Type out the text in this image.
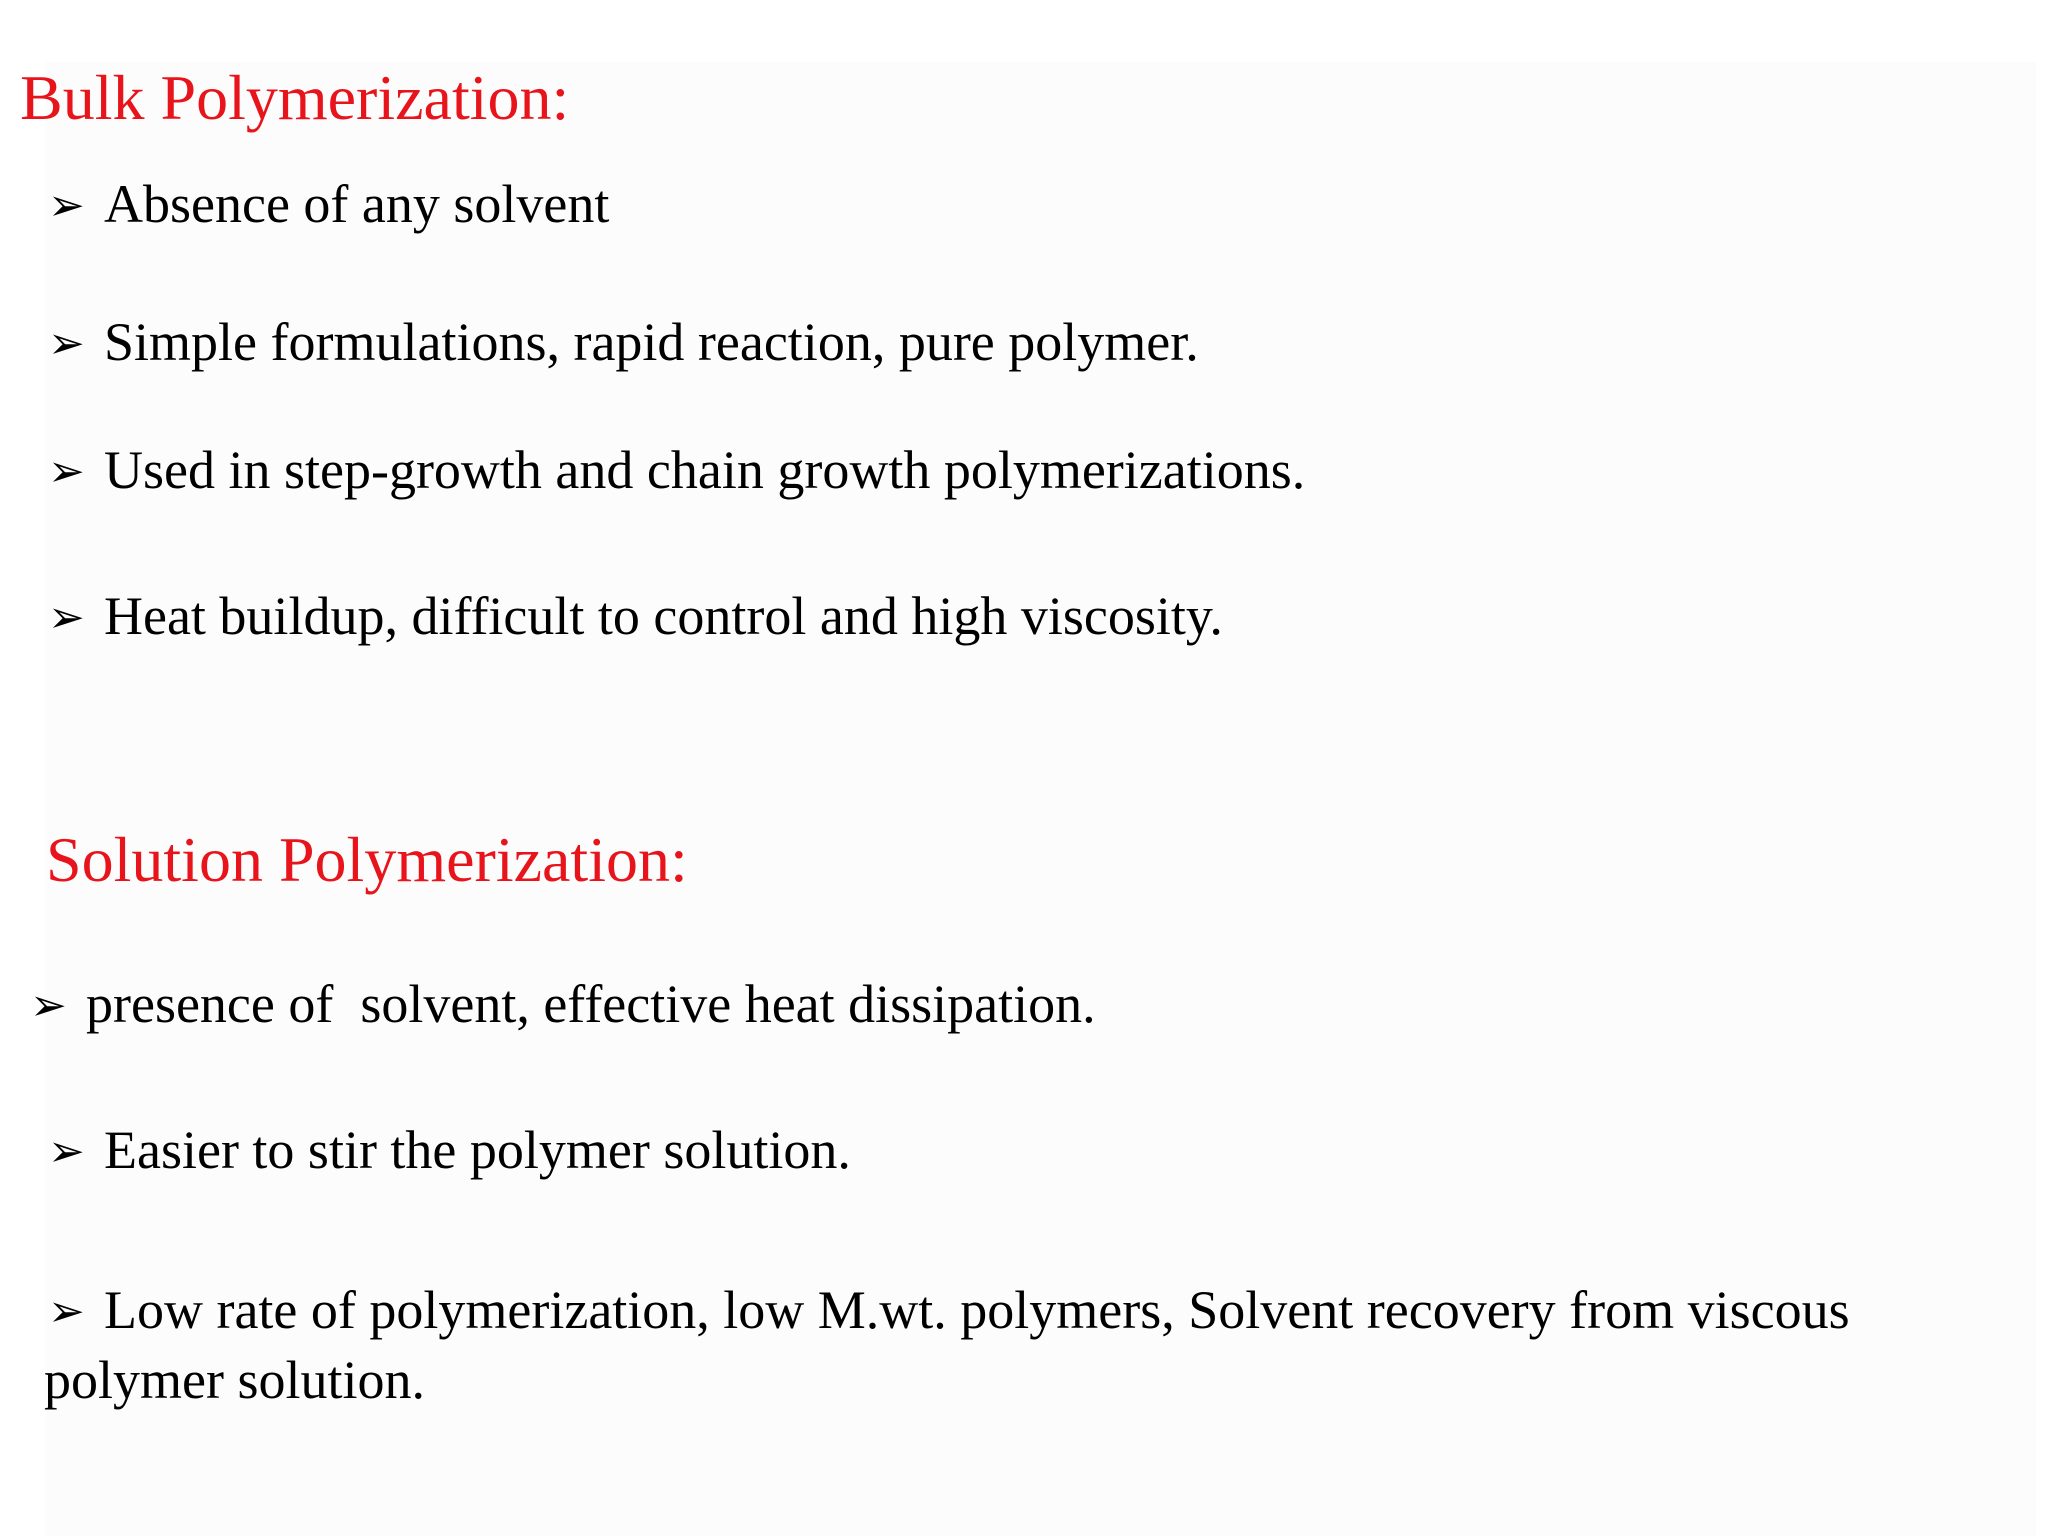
Bulk Polymerization:
➢ Absence of any solvent
➢ Simple formulations, rapid reaction, pure polymer.
➢ Used in step-growth and chain growth polymerizations.
➢ Heat buildup, difficult to control and high viscosity.
Solution Polymerization:
➢ presence of  solvent, effective heat dissipation.
➢ Easier to stir the polymer solution.
➢ Low rate of polymerization, low M.wt. polymers, Solvent recovery from viscous polymer solution.
